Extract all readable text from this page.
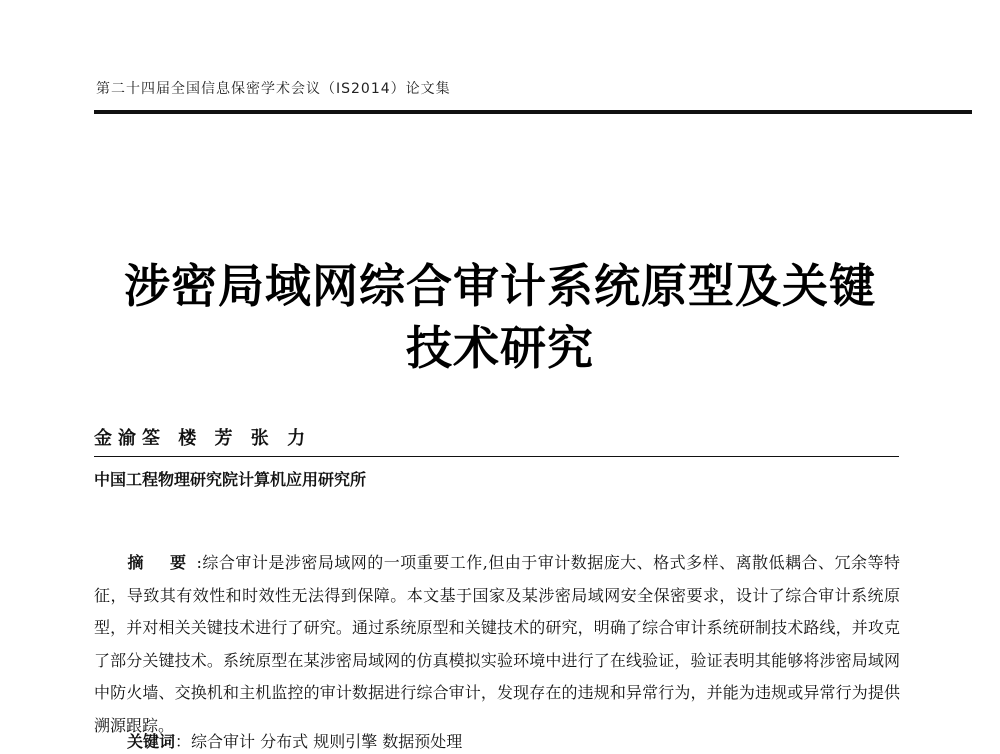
第二十四届全国信息保密学术会议（IS2014）论文集
涉密局域网综合审计系统原型及关键
技术研究
金渝筌 楼 芳 张 力
中国工程物理研究院计算机应用研究所
摘 要:综合审计是涉密局域网的一项重要工作,但由于审计数据庞大、格式多样、离散低耦合、冗余等特征，导致其有效性和时效性无法得到保障。本文基于国家及某涉密局域网安全保密要求，设计了综合审计系统原型，并对相关关键技术进行了研究。通过系统原型和关键技术的研究，明确了综合审计系统研制技术路线，并攻克了部分关键技术。系统原型在某涉密局域网的仿真模拟实验环境中进行了在线验证，验证表明其能够将涉密局域网中防火墙、交换机和主机监控的审计数据进行综合审计，发现存在的违规和异常行为，并能为违规或异常行为提供溯源跟踪。
关键词：综合审计 分布式 规则引擎 数据预处理
